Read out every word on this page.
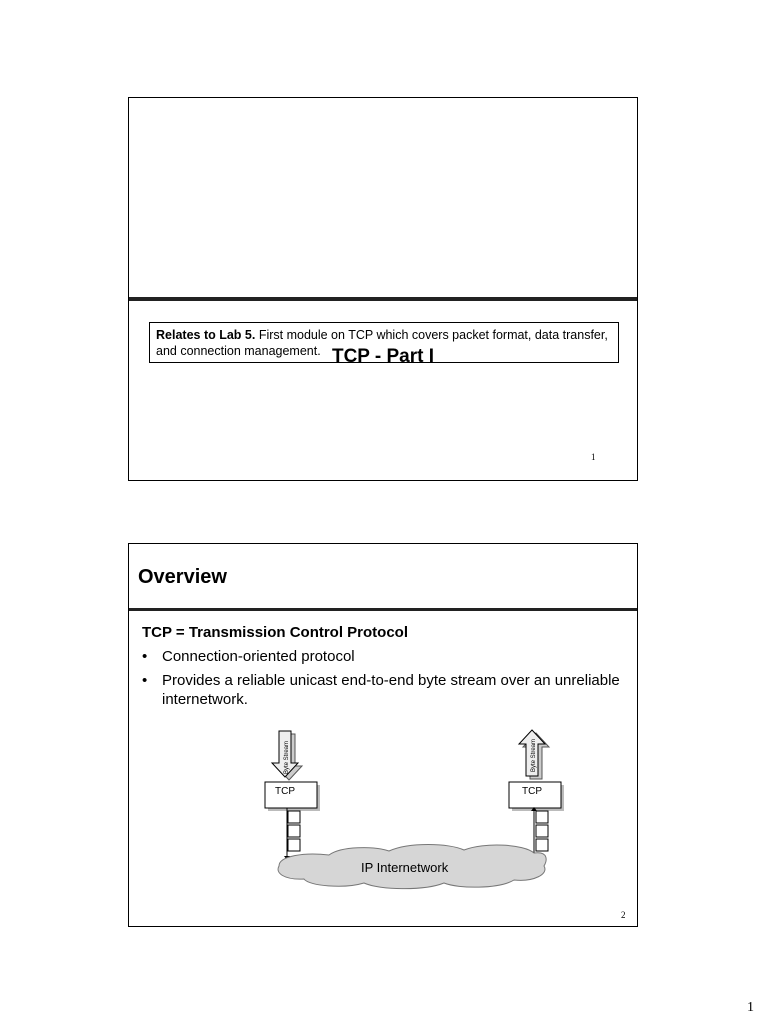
TCP - Part I
Relates to Lab 5. First module on TCP which covers packet format, data transfer, and connection management.
1
Overview
TCP = Transmission Control Protocol
• Connection-oriented protocol
• Provides a reliable unicast end-to-end byte stream over an unreliable internetwork.
Byte Stream	Byte Stream
TCP	TCP
IP Internetwork
2
1
